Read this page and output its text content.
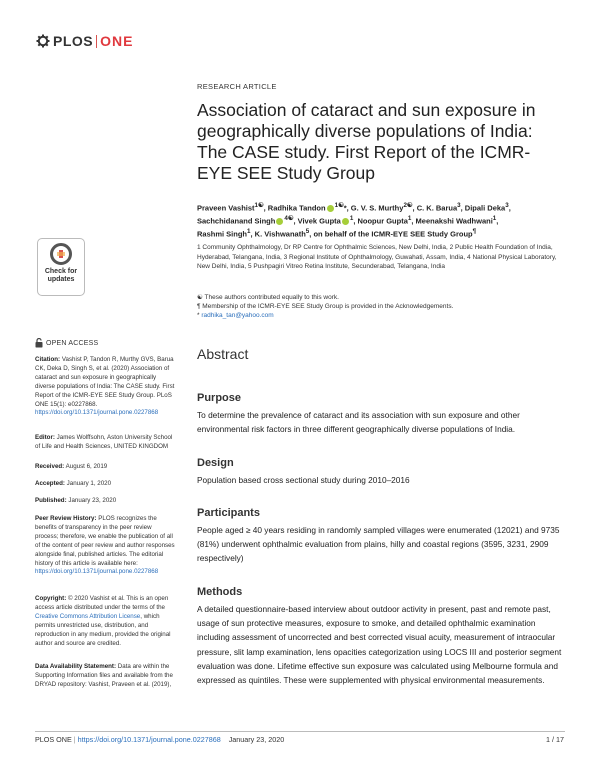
PLOS ONE
RESEARCH ARTICLE
Association of cataract and sun exposure in geographically diverse populations of India: The CASE study. First Report of the ICMR-EYE SEE Study Group
Praveen Vashist$^{1☯}$, Radhika Tandon $^{1☯}$*, G. V. S. Murthy$^{2☯}$, C. K. Barua$^3$, Dipali Deka$^3$,
Sachchidanand Singh $^{4☯}$, Vivek Gupta $^1$, Noopur Gupta$^1$, Meenakshi Wadhwani$^1$,
Rashmi Singh$^1$, K. Vishwanath$^5$, on behalf of the ICMR-EYE SEE Study Group¶
1 Community Ophthalmology, Dr RP Centre for Ophthalmic Sciences, New Delhi, India, 2 Public Health Foundation of India, Hyderabad, Telangana, India, 3 Regional Institute of Ophthalmology, Guwahati, Assam, India, 4 National Physical Laboratory, New Delhi, India, 5 Pushpagiri Vitreo Retina Institute, Secunderabad, Telangana, India
☯ These authors contributed equally to this work.
¶ Membership of the ICMR-EYE SEE Study Group is provided in the Acknowledgements.
* radhika_tan@yahoo.com
Abstract
Purpose
To determine the prevalence of cataract and its association with sun exposure and other environmental risk factors in three different geographically diverse populations of India.
Design
Population based cross sectional study during 2010–2016
Participants
People aged ≥ 40 years residing in randomly sampled villages were enumerated (12021) and 9735 (81%) underwent ophthalmic evaluation from plains, hilly and coastal regions (3595, 3231, 2909 respectively)
Methods
A detailed questionnaire-based interview about outdoor activity in present, past and remote past, usage of sun protective measures, exposure to smoke, and detailed ophthalmic examination including assessment of uncorrected and best corrected visual acuity, measurement of intraocular pressure, slit lamp examination, lens opacities categorization using LOCS III and posterior segment evaluation was done. Lifetime effective sun exposure was calculated using Melbourne formula and expressed as quintiles. These were supplemented with physical environmental measurements.
Check for
updates
OPEN ACCESS
Citation: Vashist P, Tandon R, Murthy GVS, Barua CK, Deka D, Singh S, et al. (2020) Association of cataract and sun exposure in geographically diverse populations of India: The CASE study. First Report of the ICMR-EYE SEE Study Group. PLoS ONE 15(1): e0227868. https://doi.org/10.1371/journal.pone.0227868
Editor: James Wolffsohn, Aston University School of Life and Health Sciences, UNITED KINGDOM
Received: August 6, 2019
Accepted: January 1, 2020
Published: January 23, 2020
Peer Review History: PLOS recognizes the benefits of transparency in the peer review process; therefore, we enable the publication of all of the content of peer review and author responses alongside final, published articles. The editorial history of this article is available here: https://doi.org/10.1371/journal.pone.0227868
Copyright: © 2020 Vashist et al. This is an open access article distributed under the terms of the Creative Commons Attribution License, which permits unrestricted use, distribution, and reproduction in any medium, provided the original author and source are credited.
Data Availability Statement: Data are within the Supporting Information files and available from the DRYAD repository: Vashist, Praveen et al. (2019),
PLOS ONE | https://doi.org/10.1371/journal.pone.0227868 January 23, 2020	1 / 17
